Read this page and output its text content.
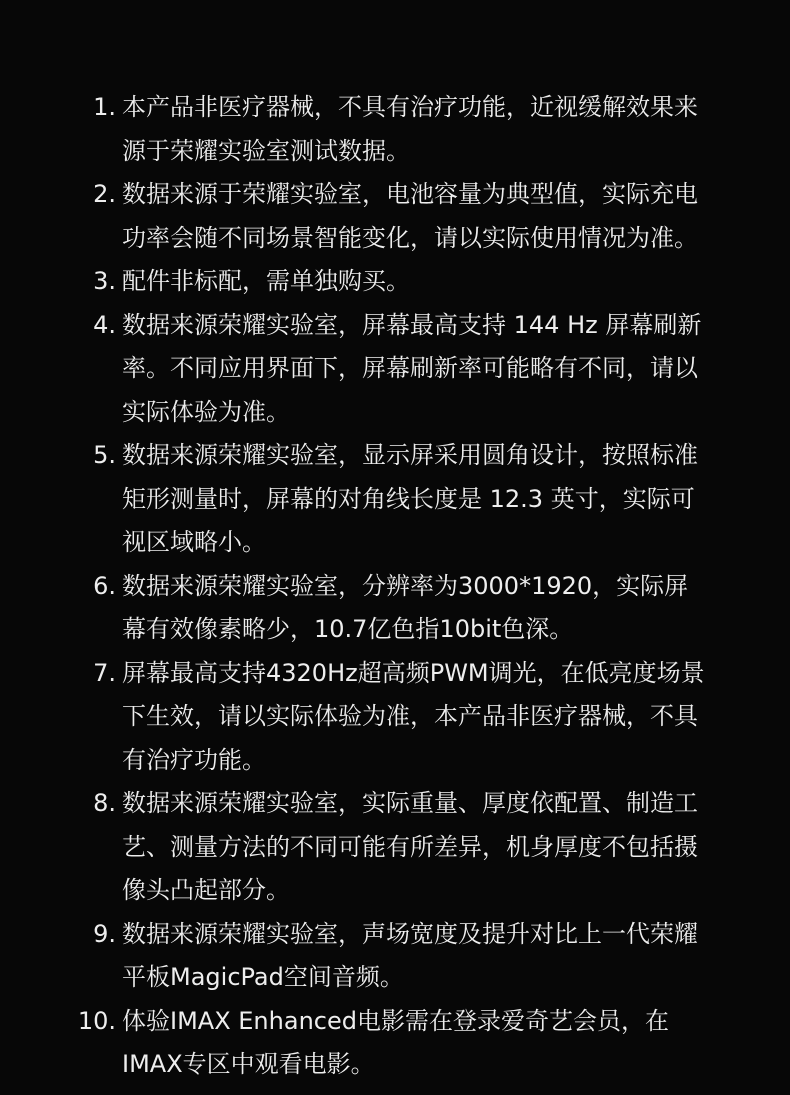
1. 本产品非医疗器械，不具有治疗功能，近视缓解效果来源于荣耀实验室测试数据。
2. 数据来源于荣耀实验室，电池容量为典型值，实际充电功率会随不同场景智能变化，请以实际使用情况为准。
3. 配件非标配，需单独购买。
4. 数据来源荣耀实验室，屏幕最高支持 144 Hz 屏幕刷新率。不同应用界面下，屏幕刷新率可能略有不同，请以实际体验为准。
5. 数据来源荣耀实验室，显示屏采用圆角设计，按照标准矩形测量时，屏幕的对角线长度是 12.3 英寸，实际可视区域略小。
6. 数据来源荣耀实验室，分辨率为3000*1920，实际屏幕有效像素略少，10.7亿色指10bit色深。
7. 屏幕最高支持4320Hz超高频PWM调光，在低亮度场景下生效，请以实际体验为准，本产品非医疗器械，不具有治疗功能。
8. 数据来源荣耀实验室，实际重量、厚度依配置、制造工艺、测量方法的不同可能有所差异，机身厚度不包括摄像头凸起部分。
9. 数据来源荣耀实验室，声场宽度及提升对比上一代荣耀平板MagicPad空间音频。
10. 体验IMAX Enhanced电影需在登录爱奇艺会员，在IMAX专区中观看电影。
